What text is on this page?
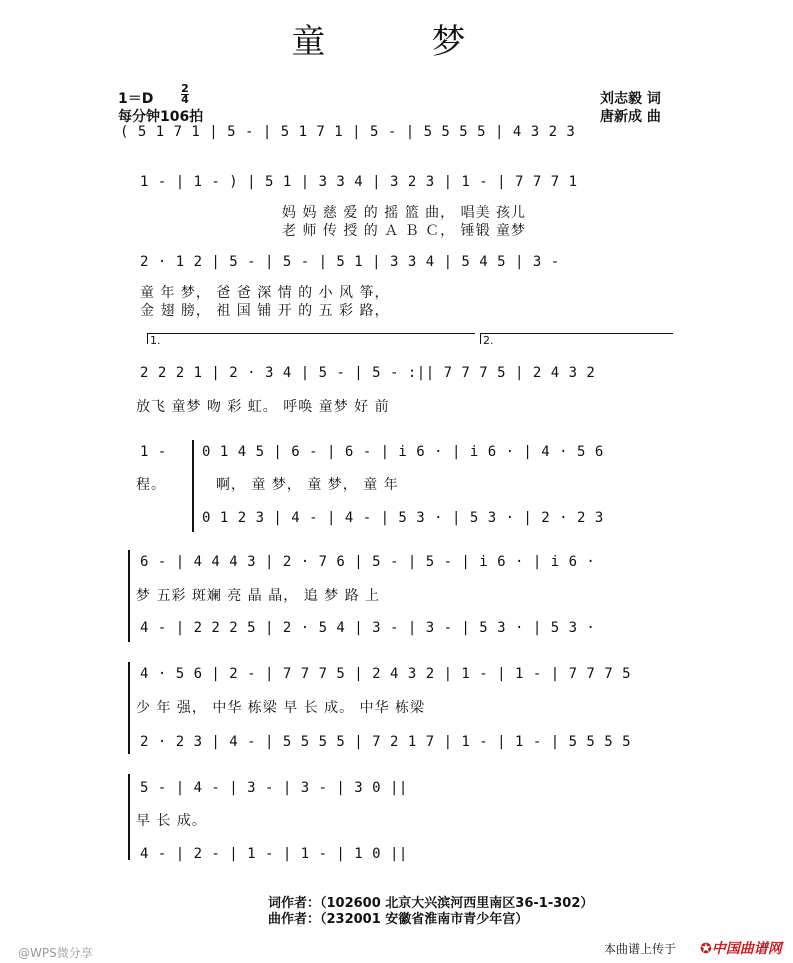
童　梦
1＝D
2
4
每分钟106拍
刘志毅 词
唐新成 曲
( 5 1 7 1 | 5 - | 5 1 7 1 | 5 - | 5 5 5 5 | 4 3 2 3
1 - | 1 - ) | 5 1 | 3 3 4 | 3 2 3 | 1 - | 7 7 7 1
妈 妈 慈 爱 的 摇 篮 曲， 唱美 孩儿
老 师 传 授 的 Ａ Ｂ Ｃ， 锤锻 童梦
2 · 1 2 | 5 - | 5 - | 5 1 | 3 3 4 | 5 4 5 | 3 -
童 年 梦， 爸 爸 深 情 的 小 风 筝，
金 翅 膀， 祖 国 铺 开 的 五 彩 路，
1.	2.
2 2 2 1 | 2 · 3 4 | 5 - | 5 - :|| 7 7 7 5 | 2 4 3 2
放飞 童梦 吻 彩 虹。 呼唤 童梦 好 前
1 -	0 1 4 5 | 6 - | 6 - | i 6 · | i 6 · | 4 · 5 6
程。	啊， 童 梦， 童 梦， 童 年
0 1 2 3 | 4 - | 4 - | 5 3 · | 5 3 · | 2 · 2 3
6 - | 4 4 4 3 | 2 · 7 6 | 5 - | 5 - | i 6 · | i 6 ·
梦 五彩 斑斓 亮 晶 晶， 追 梦 路 上
4 - | 2 2 2 5 | 2 · 5 4 | 3 - | 3 - | 5 3 · | 5 3 ·
4 · 5 6 | 2 - | 7 7 7 5 | 2 4 3 2 | 1 - | 1 - | 7 7 7 5
少 年 强， 中华 栋梁 早 长 成。 中华 栋梁
2 · 2 3 | 4 - | 5 5 5 5 | 7 2 1 7 | 1 - | 1 - | 5 5 5 5
5 - | 4 - | 3 - | 3 - | 3 0 ||
早 长 成。
4 - | 2 - | 1 - | 1 - | 1 0 ||
词作者：（102600 北京大兴滨河西里南区36-1-302）
曲作者：（232001 安徽省淮南市青少年宫）
@WPS微分享	本曲谱上传于 ✪中国曲谱网
